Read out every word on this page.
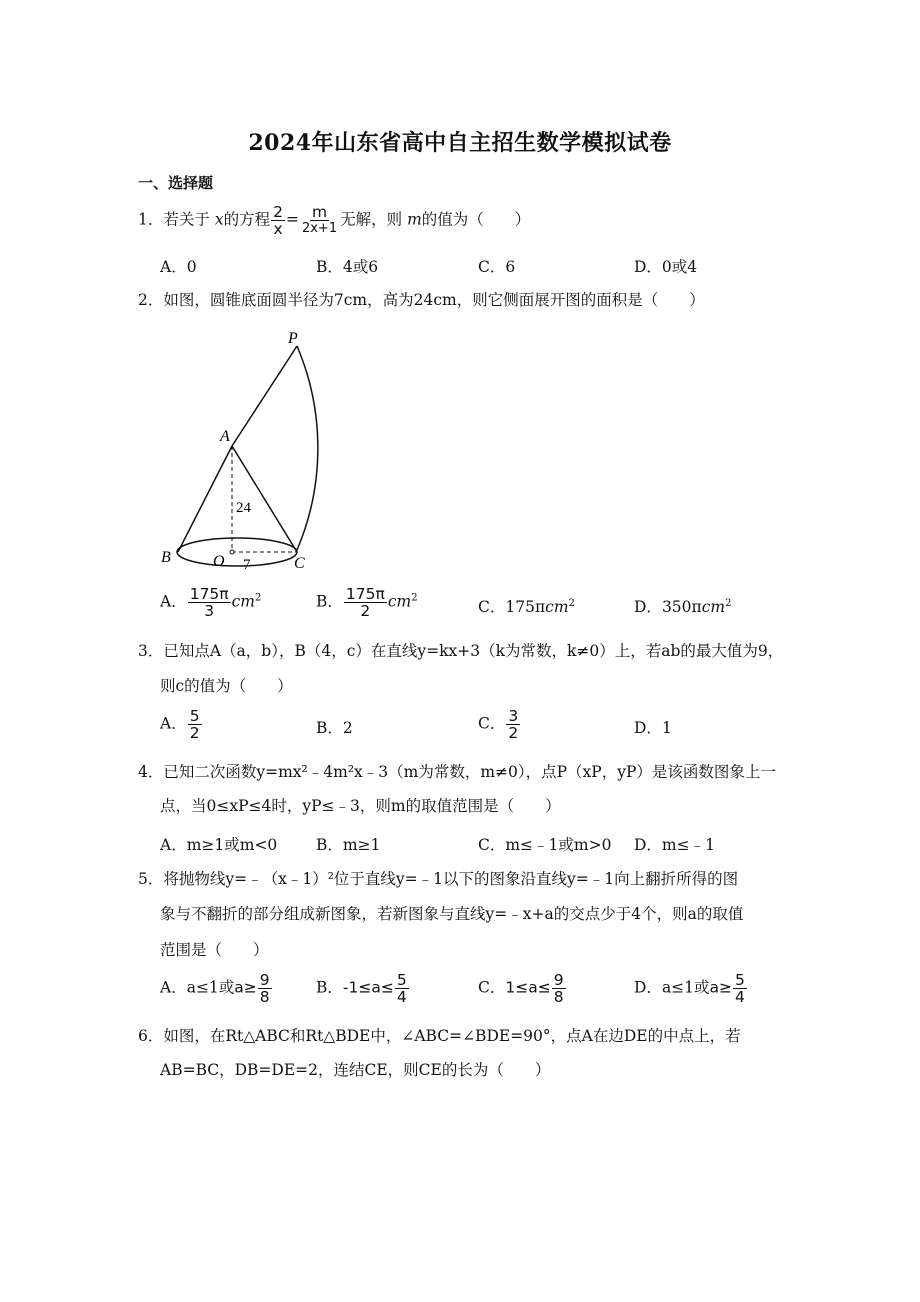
2024年山东省高中自主招生数学模拟试卷
一、选择题
1．若关于 x的方程 $\frac{2}{x} = \frac{m}{2x+1}$ 无解，则 m的值为（　　）
A．0	B．4或6	C．6	D．0或4
2．如图，圆锥底面圆半径为7cm，高为24cm，则它侧面展开图的面积是（　　）
P
A
B	O	C
24
7
A． $\frac{175\pi}{3} cm^2$	B． $\frac{175\pi}{2} cm^2$
C．175πcm$^2$	D．350πcm$^2$
3．已知点A（a，b），B（4，c）在直线y=kx+3（k为常数，k≠0）上，若ab的最大值为9，
则c的值为（　　）
A． $\frac{5}{2}$	B．2	C． $\frac{3}{2}$	D．1
4．已知二次函数y=mx²﹣4m²x﹣3（m为常数，m≠0），点P（xP，yP）是该函数图象上一
点，当0≤xP≤4时，yP≤﹣3，则m的取值范围是（　　）
A．m≥1或m<0 B．m≥1	C．m≤﹣1或m>0 D．m≤﹣1
5．将抛物线y=﹣（x﹣1）²位于直线y=﹣1以下的图象沿直线y=﹣1向上翻折所得的图
象与不翻折的部分组成新图象，若新图象与直线y=﹣x+a的交点少于4个，则a的取值
范围是（　　）
A．a≤1或$a\ge \frac{9}{8}$	B．$-1\le a\le \frac{5}{4}$	C．$1\le a\le \frac{9}{8}$	D．a≤1或$a\ge \frac{5}{4}$
6．如图，在Rt△ABC和Rt△BDE中，∠ABC=∠BDE=90°，点A在边DE的中点上，若
AB=BC，DB=DE=2，连结CE，则CE的长为（　　）
